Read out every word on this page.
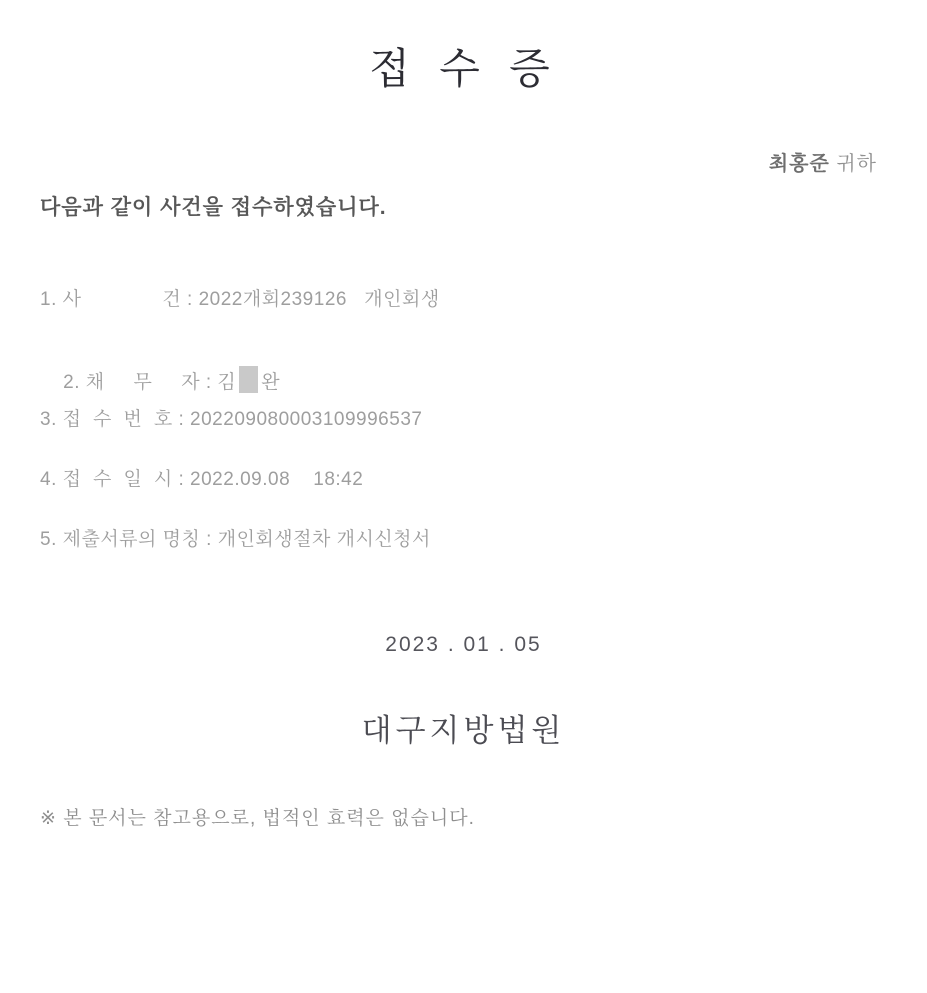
접 수 증

최홍준 귀하

다음과 같이 사건을 접수하였습니다.
1. 사              건 : 2022개회239126   개인회생

2. 채     무     자 : 김 완

3. 접  수  번  호 : 202209080003109996537
4. 접  수  일  시 : 2022.09.08    18:42
5. 제출서류의 명칭 : 개인회생절차 개시신청서
2023 . 01 . 05
대구지방법원
※ 본 문서는 참고용으로, 법적인 효력은 없습니다.
